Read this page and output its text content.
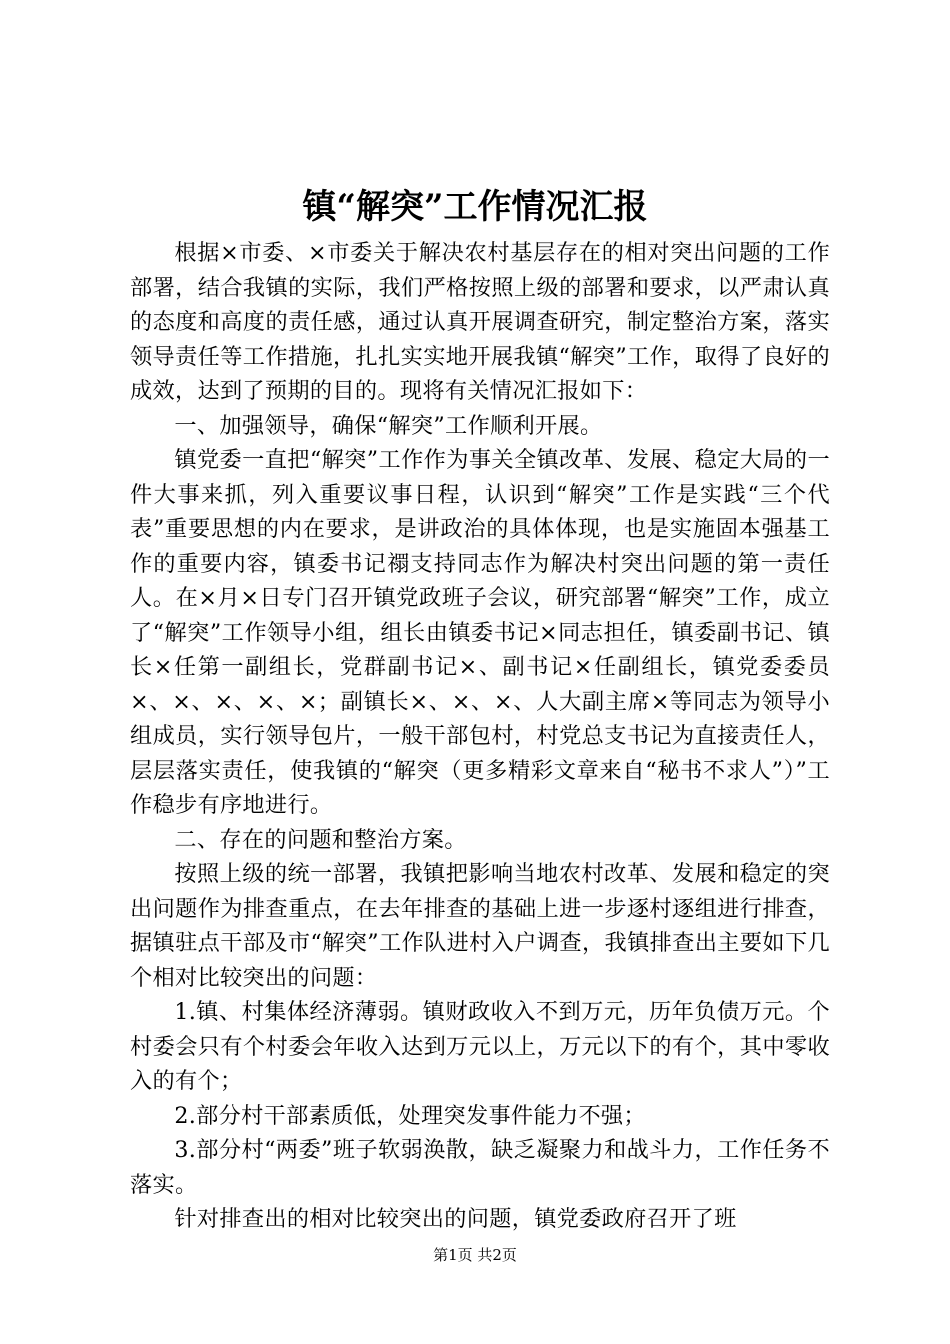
镇“解突”工作情况汇报

根据×市委、×市委关于解决农村基层存在的相对突出问题的工作部署，结合我镇的实际，我们严格按照上级的部署和要求，以严肃认真的态度和高度的责任感，通过认真开展调查研究，制定整治方案，落实领导责任等工作措施，扎扎实实地开展我镇“解突”工作，取得了良好的成效，达到了预期的目的。现将有关情况汇报如下：

一、加强领导，确保“解突”工作顺利开展。

镇党委一直把“解突”工作作为事关全镇改革、发展、稳定大局的一件大事来抓，列入重要议事日程，认识到“解突”工作是实践“三个代表”重要思想的内在要求，是讲政治的具体体现，也是实施固本强基工作的重要内容，镇委书记禤支持同志作为解决村突出问题的第一责任人。在×月×日专门召开镇党政班子会议，研究部署“解突”工作，成立了“解突”工作领导小组，组长由镇委书记×同志担任，镇委副书记、镇长×任第一副组长，党群副书记×、副书记×任副组长，镇党委委员×、×、×、×、×；副镇长×、×、×、人大副主席×等同志为领导小组成员，实行领导包片，一般干部包村，村党总支书记为直接责任人，层层落实责任，使我镇的“解突（更多精彩文章来自“秘书不求人”）”工作稳步有序地进行。

二、存在的问题和整治方案。

按照上级的统一部署，我镇把影响当地农村改革、发展和稳定的突出问题作为排查重点，在去年排查的基础上进一步逐村逐组进行排查，据镇驻点干部及市“解突”工作队进村入户调查，我镇排查出主要如下几个相对比较突出的问题：

1.镇、村集体经济薄弱。镇财政收入不到万元，历年负债万元。个村委会只有个村委会年收入达到万元以上，万元以下的有个，其中零收入的有个；

2.部分村干部素质低，处理突发事件能力不强；

3.部分村“两委”班子软弱涣散，缺乏凝聚力和战斗力，工作任务不落实。

针对排查出的相对比较突出的问题，镇党委政府召开了班

第1页 共2页
